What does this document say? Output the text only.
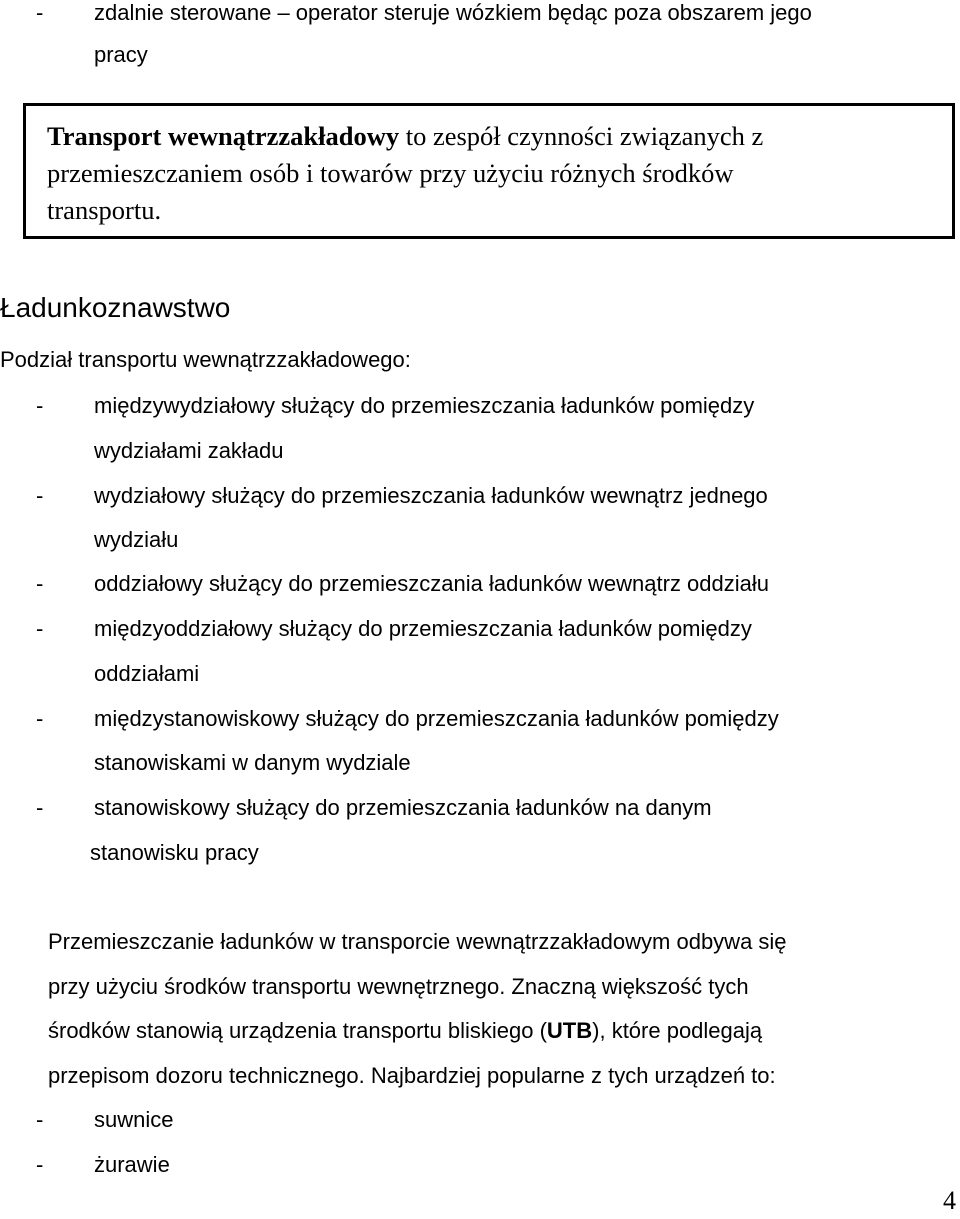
- zdalnie sterowane – operator steruje wózkiem będąc poza obszarem jego
pracy
Transport wewnątrzzakładowy to zespół czynności związanych z
przemieszczaniem osób i towarów przy użyciu różnych środków
transportu.
Ładunkoznawstwo
Podział transportu wewnątrzzakładowego:
- międzywydziałowy służący do przemieszczania ładunków pomiędzy
wydziałami zakładu
- wydziałowy służący do przemieszczania ładunków wewnątrz jednego
wydziału
- oddziałowy służący do przemieszczania ładunków wewnątrz oddziału
- międzyoddziałowy służący do przemieszczania ładunków pomiędzy
oddziałami
- międzystanowiskowy służący do przemieszczania ładunków pomiędzy
stanowiskami w danym wydziale
- stanowiskowy służący do przemieszczania ładunków na danym
stanowisku pracy
Przemieszczanie ładunków w transporcie wewnątrzzakładowym odbywa się
przy użyciu środków transportu wewnętrznego. Znaczną większość tych
środków stanowią urządzenia transportu bliskiego (UTB), które podlegają
przepisom dozoru technicznego. Najbardziej popularne z tych urządzeń to:
- suwnice
- żurawie
4
